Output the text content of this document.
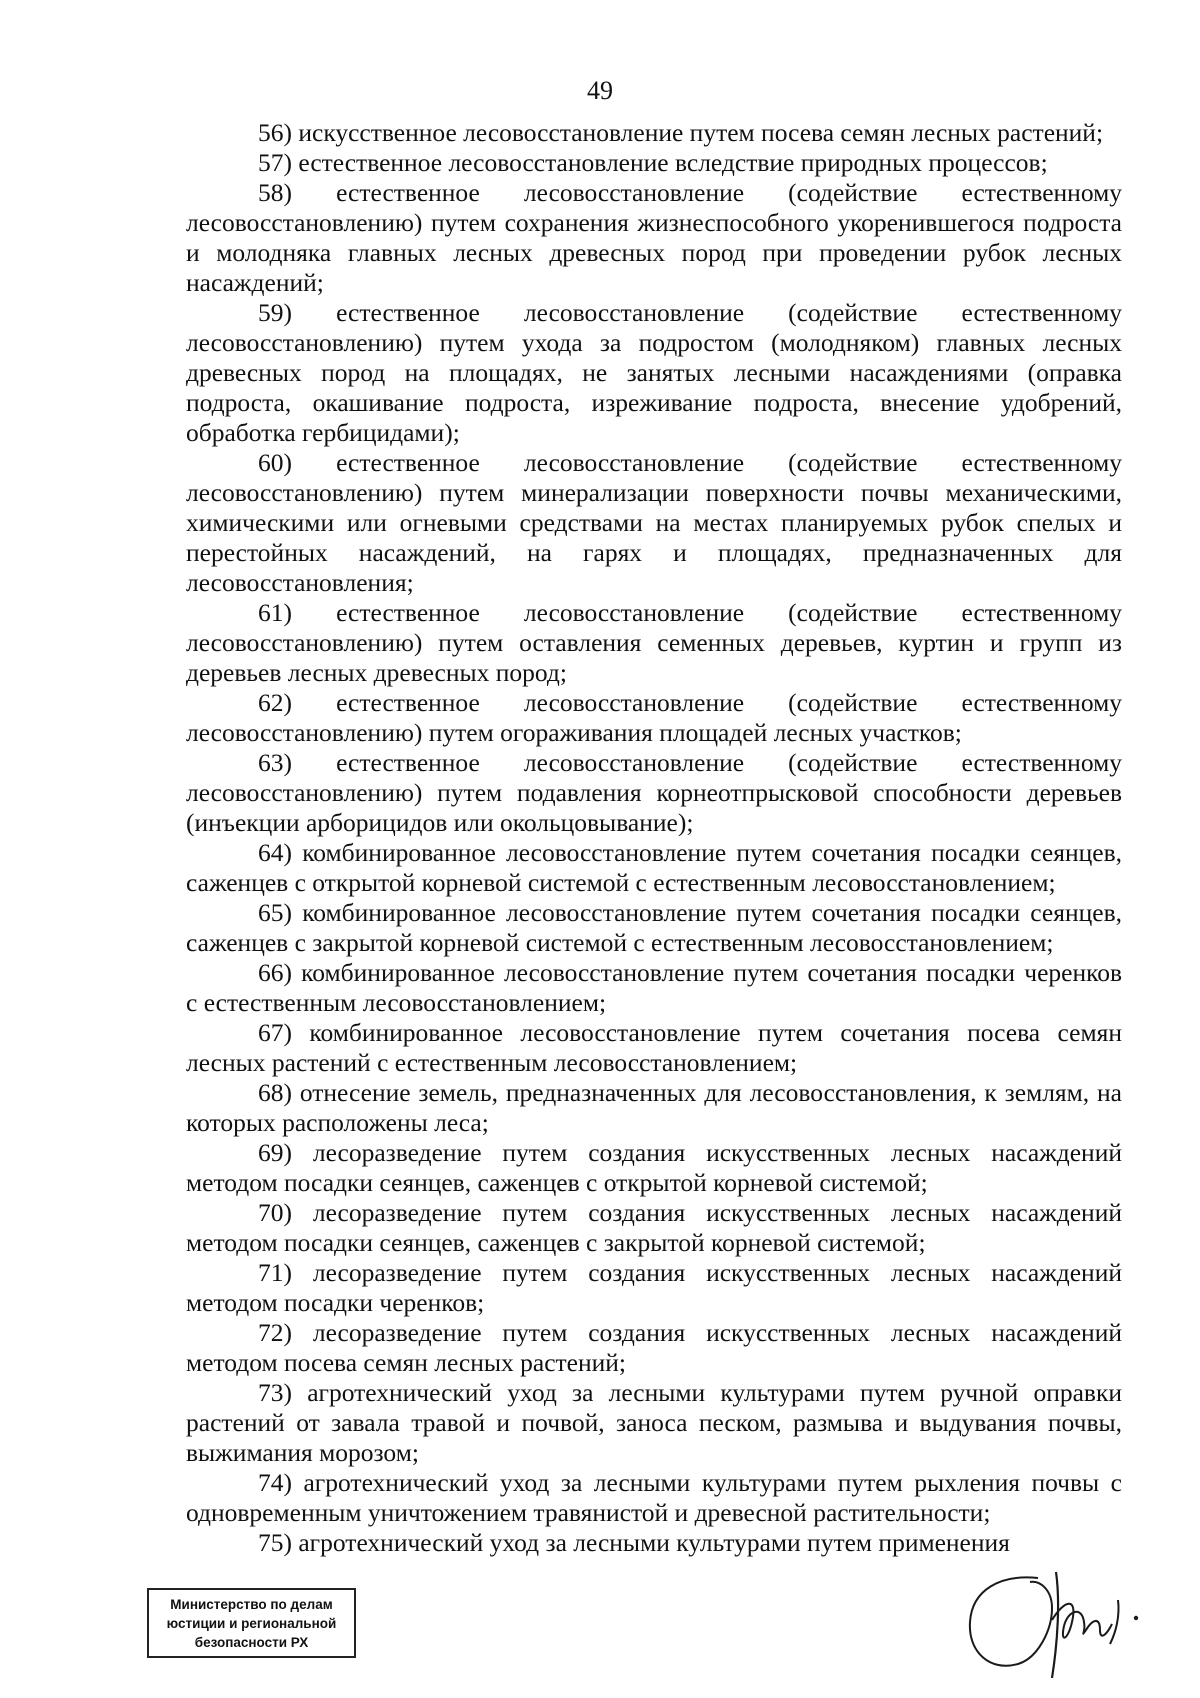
49

56) искусственное лесовосстановление путем посева семян лесных растений;

57) естественное лесовосстановление вследствие природных процессов;

58) естественное лесовосстановление (содействие естественному лесовосстановлению) путем сохранения жизнеспособного укоренившегося подроста и молодняка главных лесных древесных пород при проведении рубок лесных насаждений;

59) естественное лесовосстановление (содействие естественному лесовосстановлению) путем ухода за подростом (молодняком) главных лесных древесных пород на площадях, не занятых лесными насаждениями (оправка подроста, окашивание подроста, изреживание подроста, внесение удобрений, обработка гербицидами);

60) естественное лесовосстановление (содействие естественному лесовосстановлению) путем минерализации поверхности почвы механическими, химическими или огневыми средствами на местах планируемых рубок спелых и перестойных насаждений, на гарях и площадях, предназначенных для лесовосстановления;

61) естественное лесовосстановление (содействие естественному лесовосстановлению) путем оставления семенных деревьев, куртин и групп из деревьев лесных древесных пород;

62) естественное лесовосстановление (содействие естественному лесовосстановлению) путем огораживания площадей лесных участков;

63) естественное лесовосстановление (содействие естественному лесовосстановлению) путем подавления корнеотпрысковой способности деревьев (инъекции арборицидов или окольцовывание);

64) комбинированное лесовосстановление путем сочетания посадки сеянцев, саженцев с открытой корневой системой с естественным лесовосстановлением;

65) комбинированное лесовосстановление путем сочетания посадки сеянцев, саженцев с закрытой корневой системой с естественным лесовосстановлением;

66) комбинированное лесовосстановление путем сочетания посадки черенков с естественным лесовосстановлением;

67) комбинированное лесовосстановление путем сочетания посева семян лесных растений с естественным лесовосстановлением;

68) отнесение земель, предназначенных для лесовосстановления, к землям, на которых расположены леса;

69) лесоразведение путем создания искусственных лесных насаждений методом посадки сеянцев, саженцев с открытой корневой системой;

70) лесоразведение путем создания искусственных лесных насаждений методом посадки сеянцев, саженцев с закрытой корневой системой;

71) лесоразведение путем создания искусственных лесных насаждений методом посадки черенков;

72) лесоразведение путем создания искусственных лесных насаждений методом посева семян лесных растений;

73) агротехнический уход за лесными культурами путем ручной оправки растений от завала травой и почвой, заноса песком, размыва и выдувания почвы, выжимания морозом;

74) агротехнический уход за лесными культурами путем рыхления почвы с одновременным уничтожением травянистой и древесной растительности;

75) агротехнический уход за лесными культурами путем применения

Министерство по делам
юстиции и региональной
безопасности РХ
